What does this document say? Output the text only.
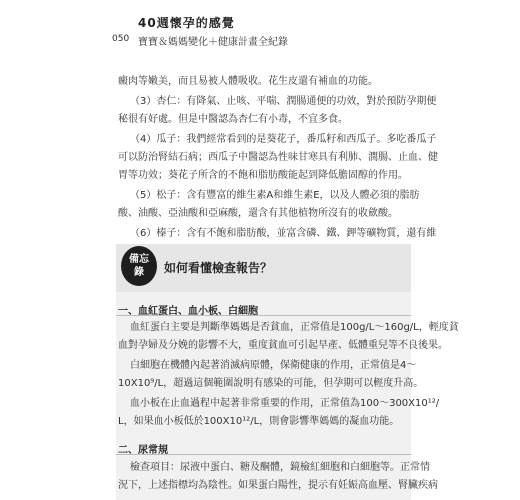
40週懷孕的感覺
050 寶寶＆媽媽變化＋健康計畫全紀錄
癜肉等嫩美，而且易被人體吸收。花生皮還有補血的功能。
（3）杏仁：有降氣、止咳、平喘、潤腸通便的功效，對於預防孕期便
秘很有好處。但是中醫認為杏仁有小毒，不宜多食。
（4）瓜子：我們經常看到的是葵花子，番瓜籽和西瓜子。多吃番瓜子
可以防治腎結石病；西瓜子中醫認為性味甘寒具有利肺、潤腸、止血、健
胃等功效；葵花子所含的不飽和脂肪酸能起到降低膽固醇的作用。
（5）松子：含有豐富的維生素A和維生素E，以及人體必須的脂肪
酸、油酸、亞油酸和亞麻酸，還含有其他植物所沒有的收歛酸。
（6）榛子：含有不飽和脂肪酸，並富含磷、鐵、鉀等礦物質，還有維
備忘
錄	如何看懂檢查報告？
一、血紅蛋白、血小板、白細胞
血紅蛋白主要是判斷準媽媽是否貧血，正常值是100g/L～160g/L，輕度貧
血對孕婦及分娩的影響不大，重度貧血可引起早產、低體重兒等不良後果。
白細胞在機體內起著消滅病原體，保衛健康的作用，正常值是4～
10X10⁹/L，超過這個範圍說明有感染的可能，但孕期可以輕度升高。
血小板在止血過程中起著非常重要的作用，正常值為100～300X10¹²/
L，如果血小板低於100X10¹²/L，則會影響準媽媽的凝血功能。
二、尿常規
檢查項目：尿液中蛋白、糖及酮體，鏡檢紅細胞和白細胞等。正常情
況下，上述指標均為陰性。如果蛋白陽性，提示有妊娠高血壓、腎臟疾病
